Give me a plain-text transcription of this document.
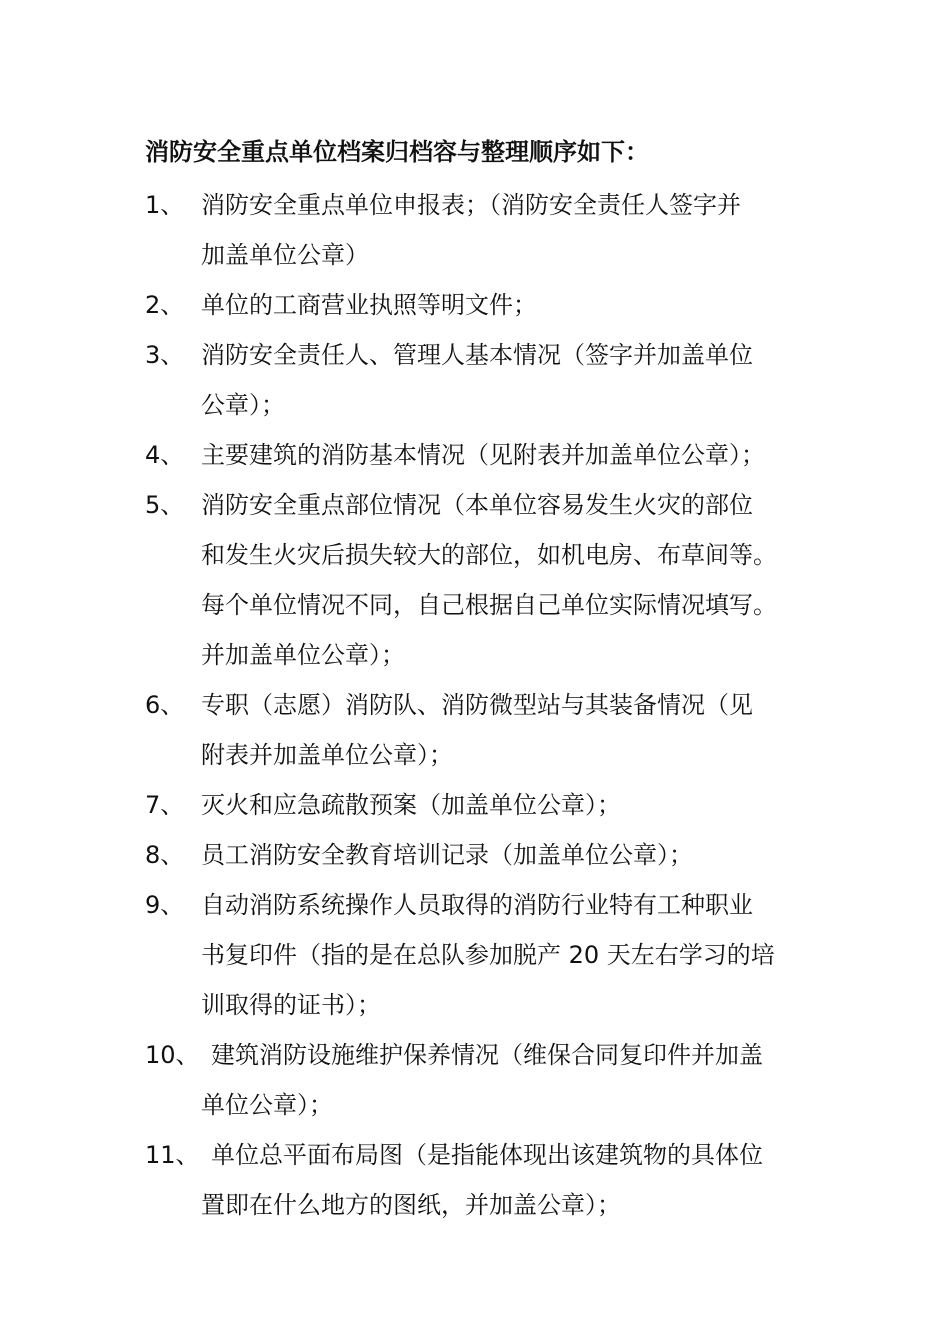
消防安全重点单位档案归档容与整理顺序如下：
1、 消防安全重点单位申报表；（消防安全责任人签字并
加盖单位公章）
2、 单位的工商营业执照等明文件；
3、 消防安全责任人、管理人基本情况（签字并加盖单位
公章）；
4、 主要建筑的消防基本情况（见附表并加盖单位公章）；
5、 消防安全重点部位情况（本单位容易发生火灾的部位
和发生火灾后损失较大的部位，如机电房、布草间等。
每个单位情况不同，自己根据自己单位实际情况填写。
并加盖单位公章）；
6、 专职（志愿）消防队、消防微型站与其装备情况（见
附表并加盖单位公章）；
7、 灭火和应急疏散预案（加盖单位公章）；
8、 员工消防安全教育培训记录（加盖单位公章）；
9、 自动消防系统操作人员取得的消防行业特有工种职业
书复印件（指的是在总队参加脱产 20 天左右学习的培
训取得的证书）；
10、 建筑消防设施维护保养情况（维保合同复印件并加盖
单位公章）；
11、 单位总平面布局图（是指能体现出该建筑物的具体位
置即在什么地方的图纸，并加盖公章）；
